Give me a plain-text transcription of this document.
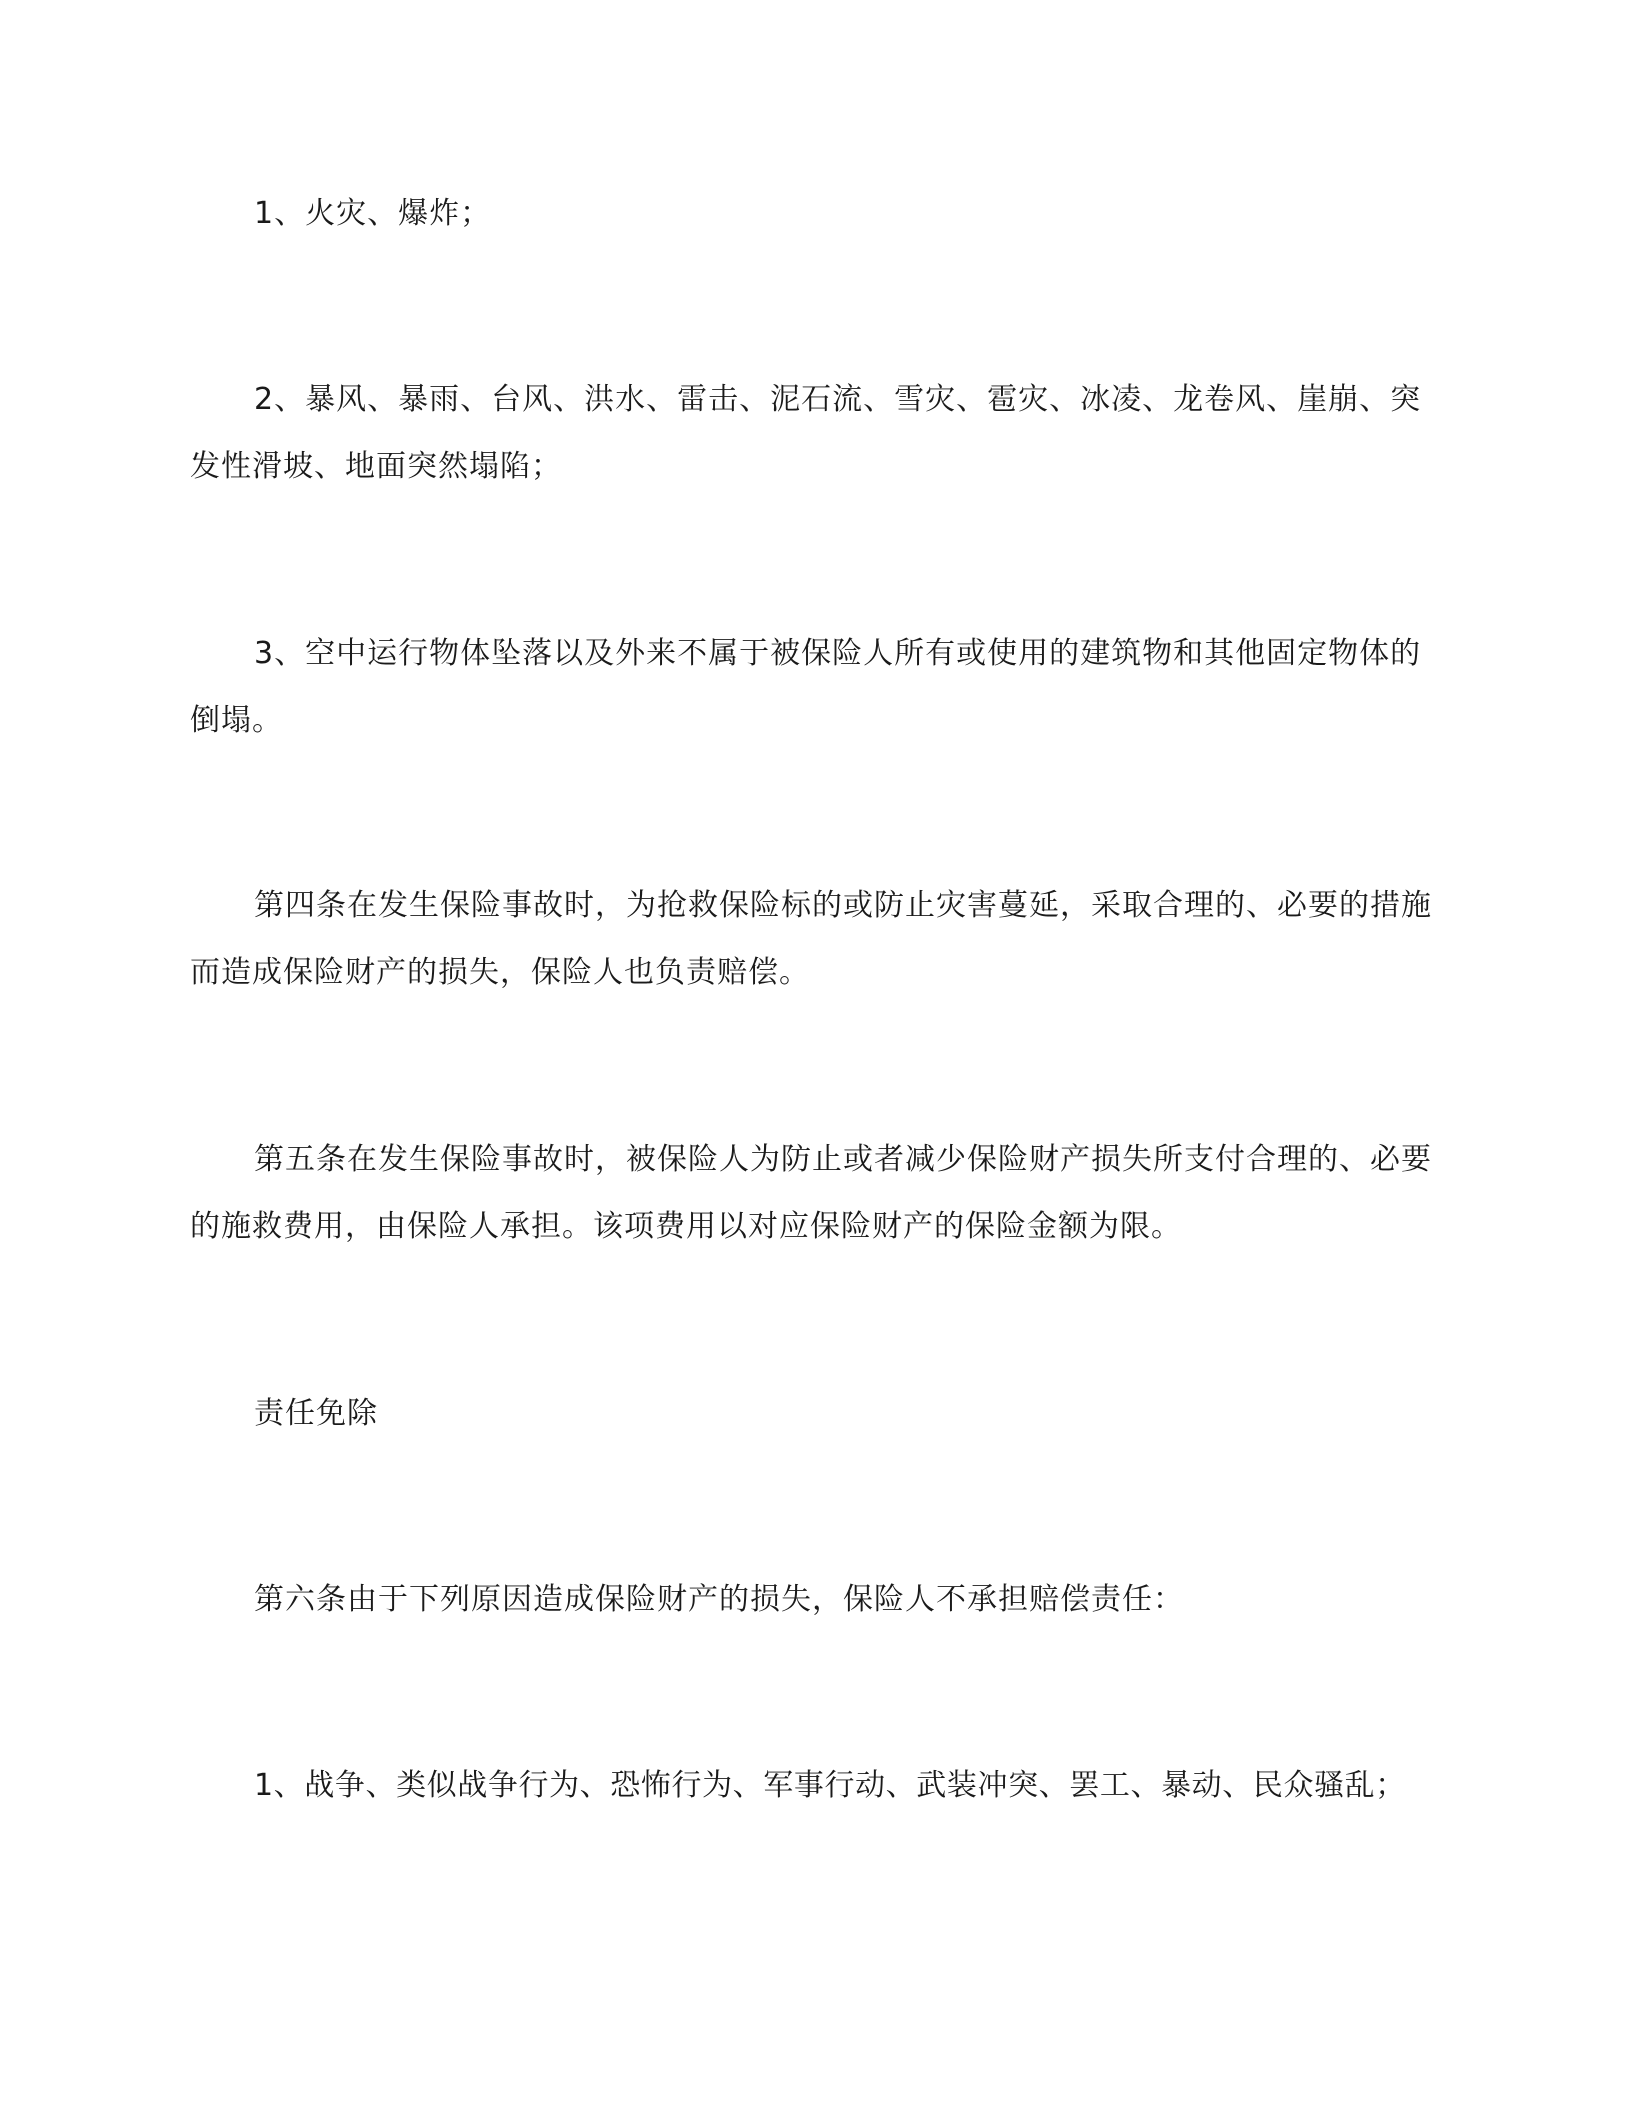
1、火灾、爆炸；

2、暴风、暴雨、台风、洪水、雷击、泥石流、雪灾、雹灾、冰凌、龙卷风、崖崩、突发性滑坡、地面突然塌陷；

3、空中运行物体坠落以及外来不属于被保险人所有或使用的建筑物和其他固定物体的倒塌。

第四条在发生保险事故时，为抢救保险标的或防止灾害蔓延，采取合理的、必要的措施而造成保险财产的损失，保险人也负责赔偿。

第五条在发生保险事故时，被保险人为防止或者减少保险财产损失所支付合理的、必要的施救费用，由保险人承担。该项费用以对应保险财产的保险金额为限。

责任免除

第六条由于下列原因造成保险财产的损失，保险人不承担赔偿责任：

1、战争、类似战争行为、恐怖行为、军事行动、武装冲突、罢工、暴动、民众骚乱；
